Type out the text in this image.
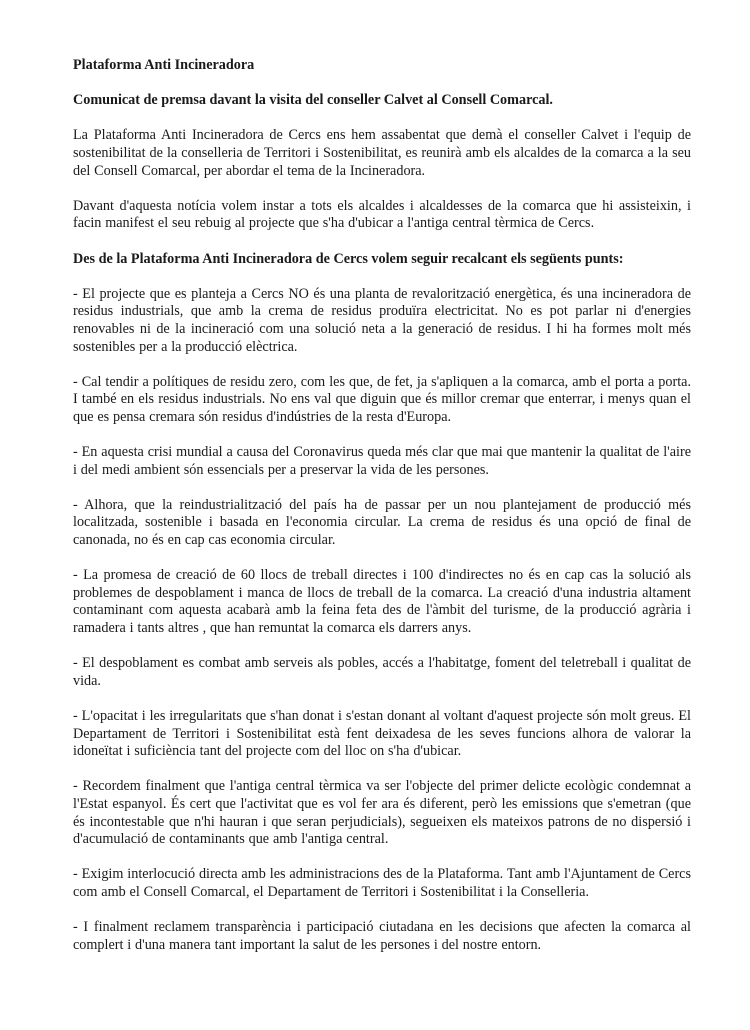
Plataforma Anti Incineradora

Comunicat de premsa davant la visita del conseller Calvet al Consell Comarcal.

La Plataforma Anti Incineradora de Cercs ens hem assabentat que demà el conseller Calvet i l'equip de sostenibilitat de la conselleria de Territori i Sostenibilitat, es reunirà amb els alcaldes de la comarca a la seu del Consell Comarcal, per abordar el tema de la Incineradora.

Davant d'aquesta notícia volem instar a tots els alcaldes i alcaldesses de la comarca que hi assisteixin, i facin manifest el seu rebuig al projecte que s'ha d'ubicar a l'antiga central tèrmica de Cercs.

Des de la Plataforma Anti Incineradora de Cercs volem seguir recalcant els següents punts:

- El projecte que es planteja a Cercs NO és una planta de revalorització energètica, és una incineradora de residus industrials, que amb la crema de residus produïra electricitat. No es pot parlar ni d'energies renovables ni de la incineració com una solució neta a la generació de residus. I hi ha formes molt més sostenibles per a la producció elèctrica.

- Cal tendir a polítiques de residu zero, com les que, de fet, ja s'apliquen a la comarca, amb el porta a porta. I també en els residus industrials. No ens val que diguin que és millor cremar que enterrar, i menys quan el que es pensa cremara són residus d'indústries de la resta d'Europa.

- En aquesta crisi mundial a causa del Coronavirus queda més clar que mai que mantenir la qualitat de l'aire i del medi ambient són essencials per a preservar la vida de les persones.

- Alhora, que la reindustrialització del país ha de passar per un nou plantejament de producció més localitzada, sostenible i basada en l'economia circular. La crema de residus és una opció de final de canonada, no és en cap cas economia circular.

- La promesa de creació de 60 llocs de treball directes i 100 d'indirectes no és en cap cas la solució als problemes de despoblament i manca de llocs de treball de la comarca. La creació d'una industria altament contaminant com aquesta acabarà amb la feina feta des de l'àmbit del turisme, de la producció agrària i ramadera i tants altres , que han remuntat la comarca els darrers anys.

- El despoblament es combat amb serveis als pobles, accés a l'habitatge, foment del teletreball i qualitat de vida.

- L'opacitat i les irregularitats que s'han donat i s'estan donant al voltant d'aquest projecte són molt greus. El Departament de Territori i Sostenibilitat està fent deixadesa de les seves funcions alhora de valorar la idoneïtat i suficiència tant del projecte com del lloc on s'ha d'ubicar.

- Recordem finalment que l'antiga central tèrmica va ser l'objecte del primer delicte ecològic condemnat a l'Estat espanyol. És cert que l'activitat que es vol fer ara és diferent, però les emissions que s'emetran (que és incontestable que n'hi hauran i que seran perjudicials), segueixen els mateixos patrons de no dispersió i d'acumulació de contaminants que amb l'antiga central.

- Exigim interlocució directa amb les administracions des de la Plataforma. Tant amb l'Ajuntament de Cercs com amb el Consell Comarcal, el Departament de Territori i Sostenibilitat i la Conselleria.

- I finalment reclamem transparència i participació ciutadana en les decisions que afecten la comarca al complert i d'una manera tant important la salut de les persones i del nostre entorn.
